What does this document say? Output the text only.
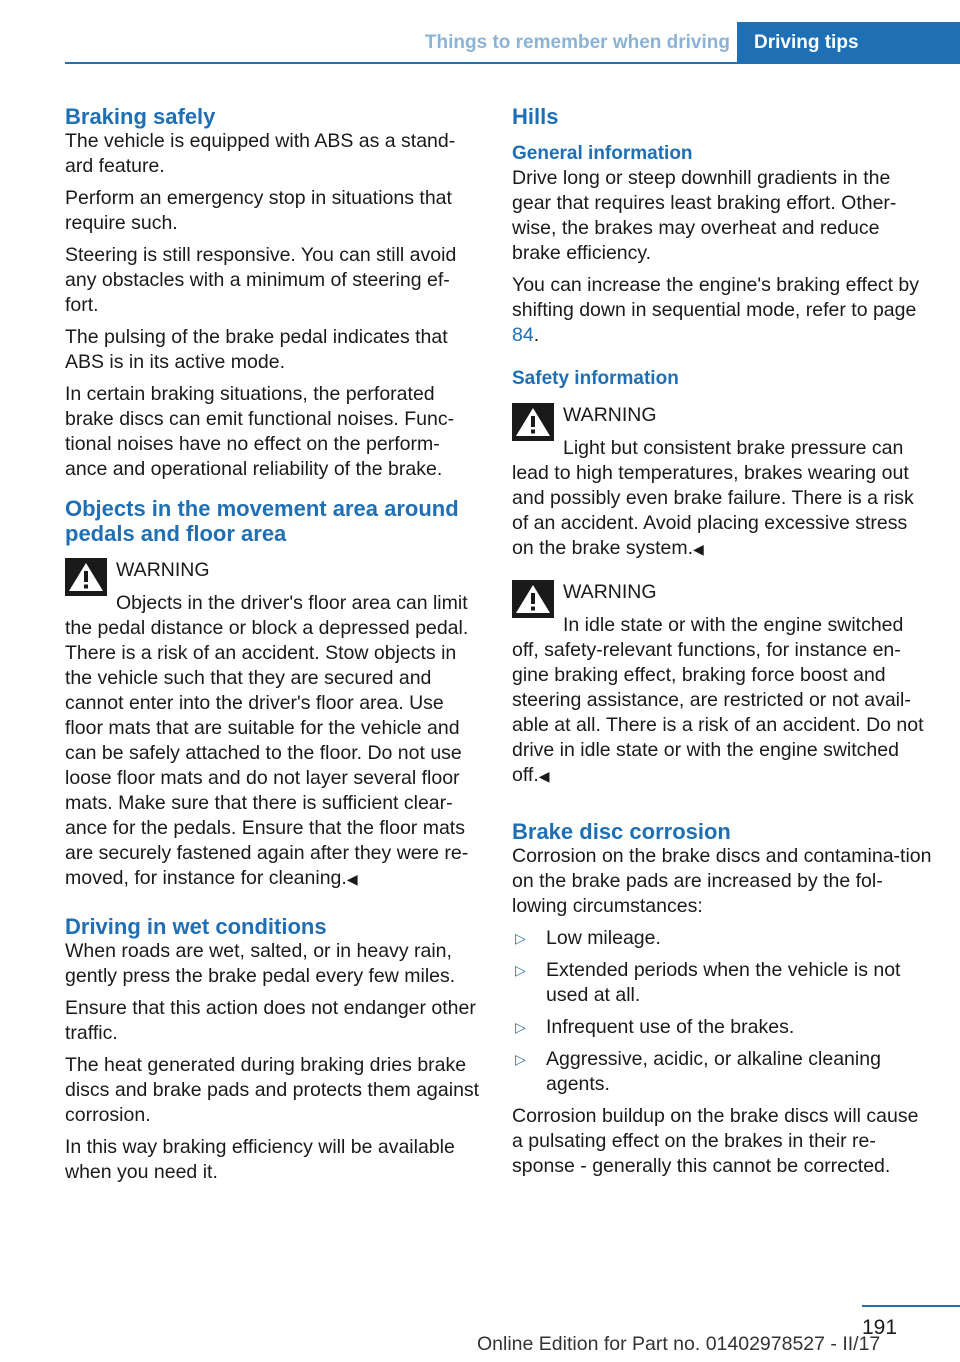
Things to remember when driving	Driving tips
Braking safely

The vehicle is equipped with ABS as a stand-ard feature.

Perform an emergency stop in situations that require such.

Steering is still responsive. You can still avoid any obstacles with a minimum of steering ef-fort.

The pulsing of the brake pedal indicates that ABS is in its active mode.

In certain braking situations, the perforated brake discs can emit functional noises. Func-tional noises have no effect on the perform-ance and operational reliability of the brake.

Objects in the movement area around pedals and floor area

WARNING

Objects in the driver's floor area can limit the pedal distance or block a depressed pedal. There is a risk of an accident. Stow objects in the vehicle such that they are secured and cannot enter into the driver's floor area. Use floor mats that are suitable for the vehicle and can be safely attached to the floor. Do not use loose floor mats and do not layer several floor mats. Make sure that there is sufficient clear-ance for the pedals. Ensure that the floor mats are securely fastened again after they were re-moved, for instance for cleaning.◀

Driving in wet conditions

When roads are wet, salted, or in heavy rain, gently press the brake pedal every few miles.

Ensure that this action does not endanger other traffic.

The heat generated during braking dries brake discs and brake pads and protects them against corrosion.

In this way braking efficiency will be available when you need it.

Hills
General information

Drive long or steep downhill gradients in the gear that requires least braking effort. Other-wise, the brakes may overheat and reduce brake efficiency.

You can increase the engine's braking effect by shifting down in sequential mode, refer to page 84.

Safety information

WARNING

Light but consistent brake pressure can lead to high temperatures, brakes wearing out and possibly even brake failure. There is a risk of an accident. Avoid placing excessive stress on the brake system.◀

WARNING

In idle state or with the engine switched off, safety-relevant functions, for instance en-gine braking effect, braking force boost and steering assistance, are restricted or not avail-able at all. There is a risk of an accident. Do not drive in idle state or with the engine switched off.◀

Brake disc corrosion

Corrosion on the brake discs and contamina-tion on the brake pads are increased by the fol-lowing circumstances:

▷ Low mileage.
▷ Extended periods when the vehicle is not used at all.
▷ Infrequent use of the brakes.
▷ Aggressive, acidic, or alkaline cleaning agents.

Corrosion buildup on the brake discs will cause a pulsating effect on the brakes in their re-sponse - generally this cannot be corrected.

191
Online Edition for Part no. 01402978527 - II/17
